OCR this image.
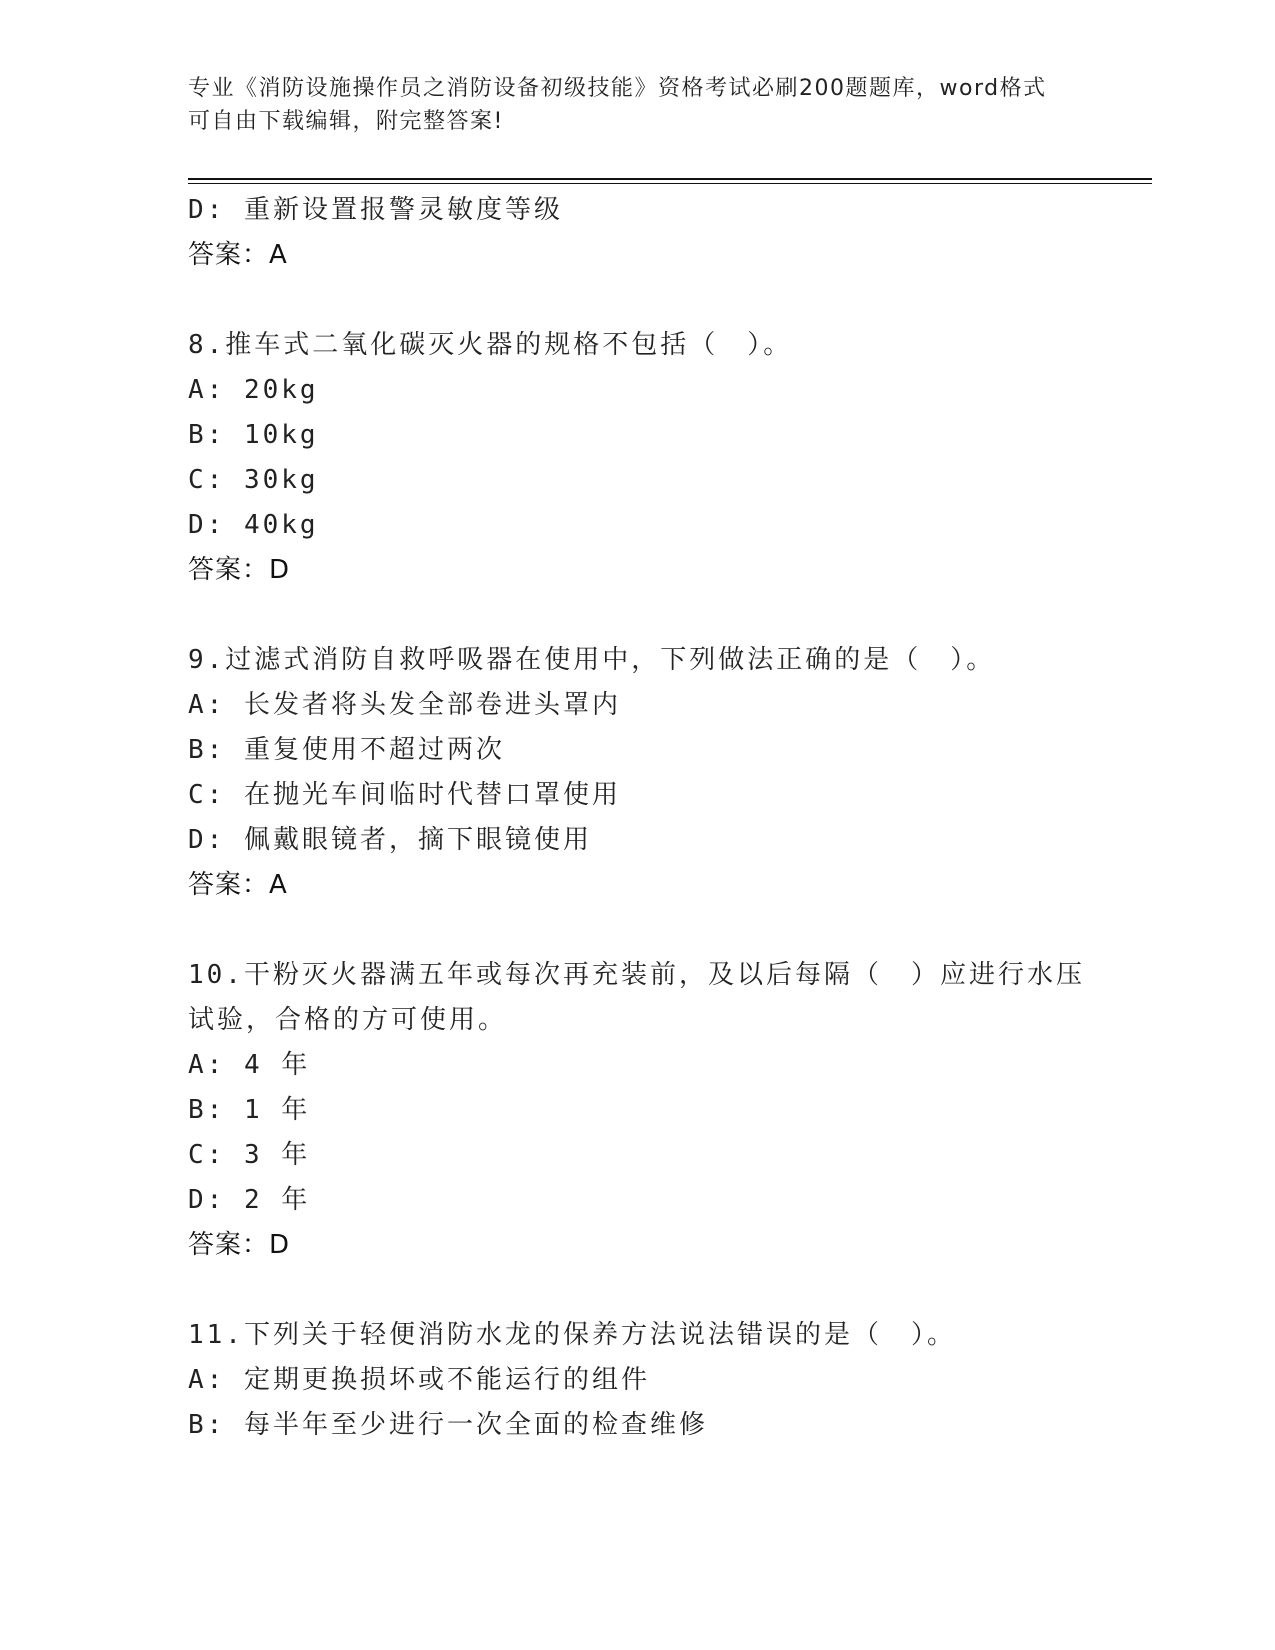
专业《消防设施操作员之消防设备初级技能》资格考试必刷200题题库，word格式可自由下载编辑，附完整答案!
D: 重新设置报警灵敏度等级
答案：A
8.推车式二氧化碳灭火器的规格不包括（　）。
A: 20kg
B: 10kg
C: 30kg
D: 40kg
答案：D
9.过滤式消防自救呼吸器在使用中，下列做法正确的是（　）。
A: 长发者将头发全部卷进头罩内
B: 重复使用不超过两次
C: 在抛光车间临时代替口罩使用
D: 佩戴眼镜者，摘下眼镜使用
答案：A
10.干粉灭火器满五年或每次再充装前，及以后每隔（　）应进行水压试验，合格的方可使用。
A: 4 年
B: 1 年
C: 3 年
D: 2 年
答案：D
11.下列关于轻便消防水龙的保养方法说法错误的是（　）。
A: 定期更换损坏或不能运行的组件
B: 每半年至少进行一次全面的检查维修
